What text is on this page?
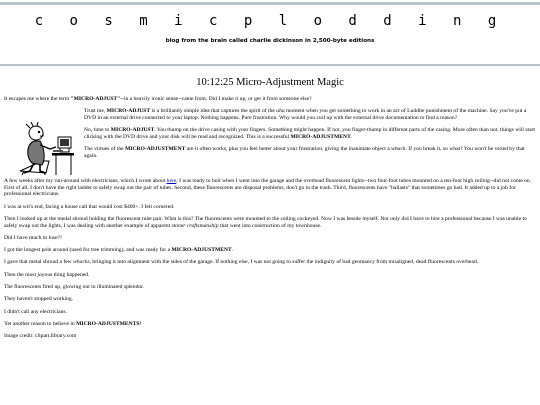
c o s m i c p l o d d i n g
blog from the brain called charlie dickinson in 2,500-byte editions
10:12:25 Micro-Adjustment Magic

It escapes me where the term "MICRO-ADJUST"--in a heavily ironic sense--came from. Did I make it up, or get it from someone else?

Trust me, MICRO-ADJUST is a brilliantly simple idea that captures the spirit of the aha moment when you get something to work in an act of Luddite punishment of the machine. Say you've put a DVD in an external drive connected to your laptop. Nothing happens. Pure frustration. Why would you curl up with the external drive documentation to find a reason?

No, time to MICRO-ADJUST. You thump on the drive casing with your fingers. Something might happen. If not, you finger-thump in different parts of the casing. More often than not, things will start clicking with the DVD drive and your disk will be read and recognized. This is a successful MICRO-ADJUSTMENT.

The virtues of the MICRO-ADJUSTMENT are it often works, plus you feel better about your frustration, giving the inanimate object a whack. If you break it, so what? You won't be vexed by that again.

A few weeks after my run-around with electricians, which I wrote about here, I was ready to boil when I went into the garage and the overhead fluorescent lights--two four-foot tubes mounted on a ten-foot high ceiling--did not come on. First of all, I don't have the right ladder to safely swap out the pair of tubes. Second, these fluorescents are disposal problems, don't go in the trash. Third, fluorescents have "ballasts" that sometimes go bad. It added up to a job for professional electricians.

I was at wit's end, facing a house call that would cost $400+. I felt cornered.

Then I looked up at the medal shroud holding the fluorescent tube pair. What is this? The fluorescents were mounted to the ceiling cockeyed. Now I was beside myself. Not only did I have to hire a professional because I was unable to safely swap out the lights, I was dealing with another example of apparent stoner craftsmanship that went into construction of my townhouse.

Did I have much to lose?!

I got the longest pole around (used for tree trimming), and was ready for a MICRO-ADJUSTMENT.

I gave that metal shroud a few whacks, bringing it into alignment with the sides of the garage. If nothing else, I was not going to suffer the indignity of bad geomancy from misaligned, dead fluorescents overhead.

Then the most joyous thing happened.

The fluorescents fired up, glowing out in illuminated splendor.

They haven't stopped working.

I didn't call any electricians.

Yet another reason to believe in MICRO-ADJUSTMENTS!

Image credit: clipart.library.com
